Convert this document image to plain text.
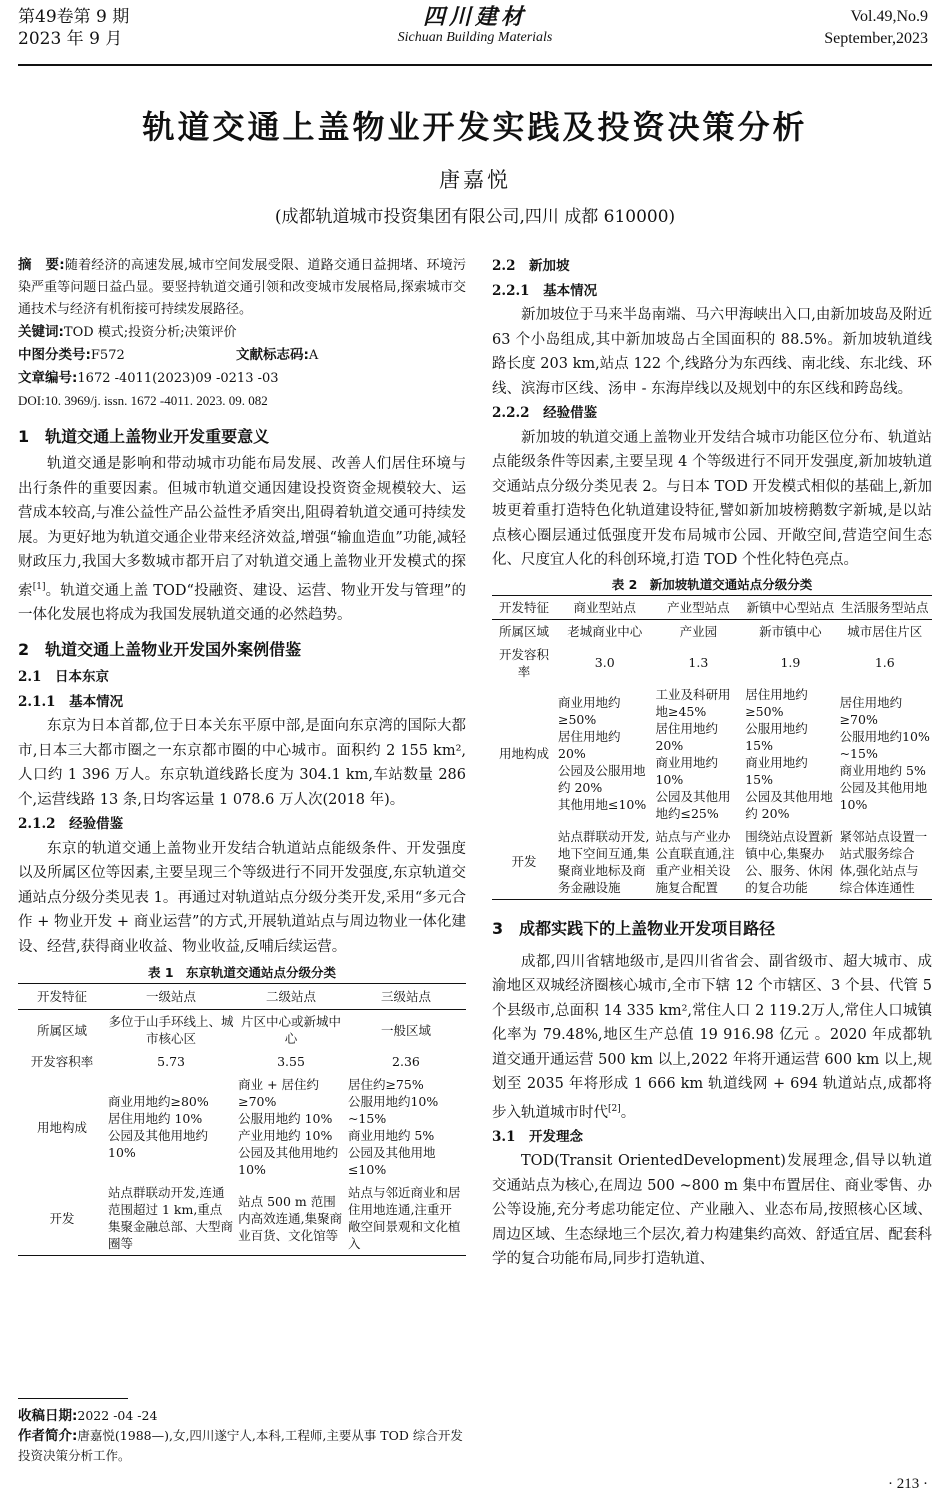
第49卷第 9 期
2023 年 9 月
四川建材
Sichuan Building Materials
Vol.49,No.9
September,2023
轨道交通上盖物业开发实践及投资决策分析
唐嘉悦
(成都轨道城市投资集团有限公司,四川 成都 610000)
摘　要:随着经济的高速发展,城市空间发展受限、道路交通日益拥堵、环境污染严重等问题日益凸显。要竖持轨道交通引领和改变城市发展格局,探索城市交通技术与经济有机衔接可持续发展路径。
关键词:TOD 模式;投资分析;决策评价
中图分类号:F572	文献标志码:A
文章编号:1672 -4011(2023)09 -0213 -03
DOI:10. 3969/j. issn. 1672 -4011. 2023. 09. 082
1　轨道交通上盖物业开发重要意义

轨道交通是影响和带动城市功能布局发展、改善人们居住环境与出行条件的重要因素。但城市轨道交通因建设投资资金规模较大、运营成本较高,与准公益性产品公益性矛盾突出,阻碍着轨道交通可持续发展。为更好地为轨道交通企业带来经济效益,增强“输血造血”功能,减轻财政压力,我国大多数城市都开启了对轨道交通上盖物业开发模式的探索[1]。轨道交通上盖 TOD“投融资、建设、运营、物业开发与管理”的一体化发展也将成为我国发展轨道交通的必然趋势。

2　轨道交通上盖物业开发国外案例借鉴
2.1　日本东京
2.1.1　基本情况

东京为日本首都,位于日本关东平原中部,是面向东京湾的国际大都市,日本三大都市圈之一东京都市圈的中心城市。面积约 2 155 km²,人口约 1 396 万人。东京轨道线路长度为 304.1 km,车站数量 286 个,运营线路 13 条,日均客运量 1 078.6 万人次(2018 年)。

2.1.2　经验借鉴

东京的轨道交通上盖物业开发结合轨道站点能级条件、开发强度以及所属区位等因素,主要呈现三个等级进行不同开发强度,东京轨道交通站点分级分类见表 1。再通过对轨道站点分级分类开发,采用“多元合作 + 物业开发 + 商业运营”的方式,开展轨道站点与周边物业一体化建设、经营,获得商业收益、物业收益,反哺后续运营。

表 1　东京轨道交通站点分级分类
开发特征	一级站点	二级站点	三级站点
所属区域	多位于山手环线上、城市核心区	片区中心或新城中心	一般区域
开发容积率	5.73	3.55	2.36
用地构成	商业用地约≥80%
居住用地约 10%
公园及其他用地约 10%	商业 + 居住约≥70%
公服用地约 10%
产业用地约 10%
公园及其他用地约 10%	居住约≥75%
公服用地约10% ~15%
商业用地约 5%
公园及其他用地≤10%
开发	站点群联动开发,连通范围超过 1 km,重点集聚金融总部、大型商圈等	站点 500 m 范围内高效连通,集聚商业百货、文化馆等	站点与邻近商业和居住用地连通,注重开敞空间景观和文化植入
收稿日期:2022 -04 -24
作者简介:唐嘉悦(1988—),女,四川遂宁人,本科,工程师,主要从事 TOD 综合开发投资决策分析工作。
2.2　新加坡
2.2.1　基本情况

新加坡位于马来半岛南端、马六甲海峡出入口,由新加坡岛及附近 63 个小岛组成,其中新加坡岛占全国面积的 88.5%。新加坡轨道线路长度 203 km,站点 122 个,线路分为东西线、南北线、东北线、环线、滨海市区线、汤申 - 东海岸线以及规划中的东区线和跨岛线。

2.2.2　经验借鉴

新加坡的轨道交通上盖物业开发结合城市功能区位分布、轨道站点能级条件等因素,主要呈现 4 个等级进行不同开发强度,新加坡轨道交通站点分级分类见表 2。与日本 TOD 开发模式相似的基础上,新加坡更着重打造特色化轨道建设特征,譬如新加坡榜鹅数字新城,是以站点核心圈层通过低强度开发布局城市公园、开敞空间,营造空间生态化、尺度宜人化的科创环境,打造 TOD 个性化特色亮点。

表 2　新加坡轨道交通站点分级分类
开发特征	商业型站点	产业型站点	新镇中心型站点	生活服务型站点
所属区域	老城商业中心	产业园	新市镇中心	城市居住片区
开发容积率	3.0	1.3	1.9	1.6
用地构成	商业用地约≥50%
居住用地约 20%
公园及公服用地约 20%
其他用地≤10%	工业及科研用地≥45%
居住用地约 20%
商业用地约 10%
公园及其他用地约≤25%	居住用地约≥50%
公服用地约 15%
商业用地约 15%
公园及其他用地约 20%	居住用地约≥70%
公服用地约10% ~15%
商业用地约 5%
公园及其他用地 10%
开发	站点群联动开发,地下空间互通,集聚商业地标及商务金融设施	站点与产业办公直联直通,注重产业相关设施复合配置	围绕站点设置新镇中心,集聚办公、服务、休闲的复合功能	紧邻站点设置一站式服务综合体,强化站点与综合体连通性
3　成都实践下的上盖物业开发项目路径

成都,四川省辖地级市,是四川省省会、副省级市、超大城市、成渝地区双城经济圈核心城市,全市下辖 12 个市辖区、3 个县、代管 5 个县级市,总面积 14 335 km²,常住人口 2 119.2万人,常住人口城镇化率为 79.48%,地区生产总值 19 916.98 亿元 。2020 年成都轨道交通开通运营 500 km 以上,2022 年将开通运营 600 km 以上,规划至 2035 年将形成 1 666 km 轨道线网 + 694 轨道站点,成都将步入轨道城市时代[2]。

3.1　开发理念

TOD(Transit OrientedDevelopment)发展理念,倡导以轨道交通站点为核心,在周边 500 ~800 m 集中布置居住、商业零售、办公等设施,充分考虑功能定位、产业融入、业态布局,按照核心区域、周边区域、生态绿地三个层次,着力构建集约高效、舒适宜居、配套科学的复合功能布局,同步打造轨道、

· 213 ·
